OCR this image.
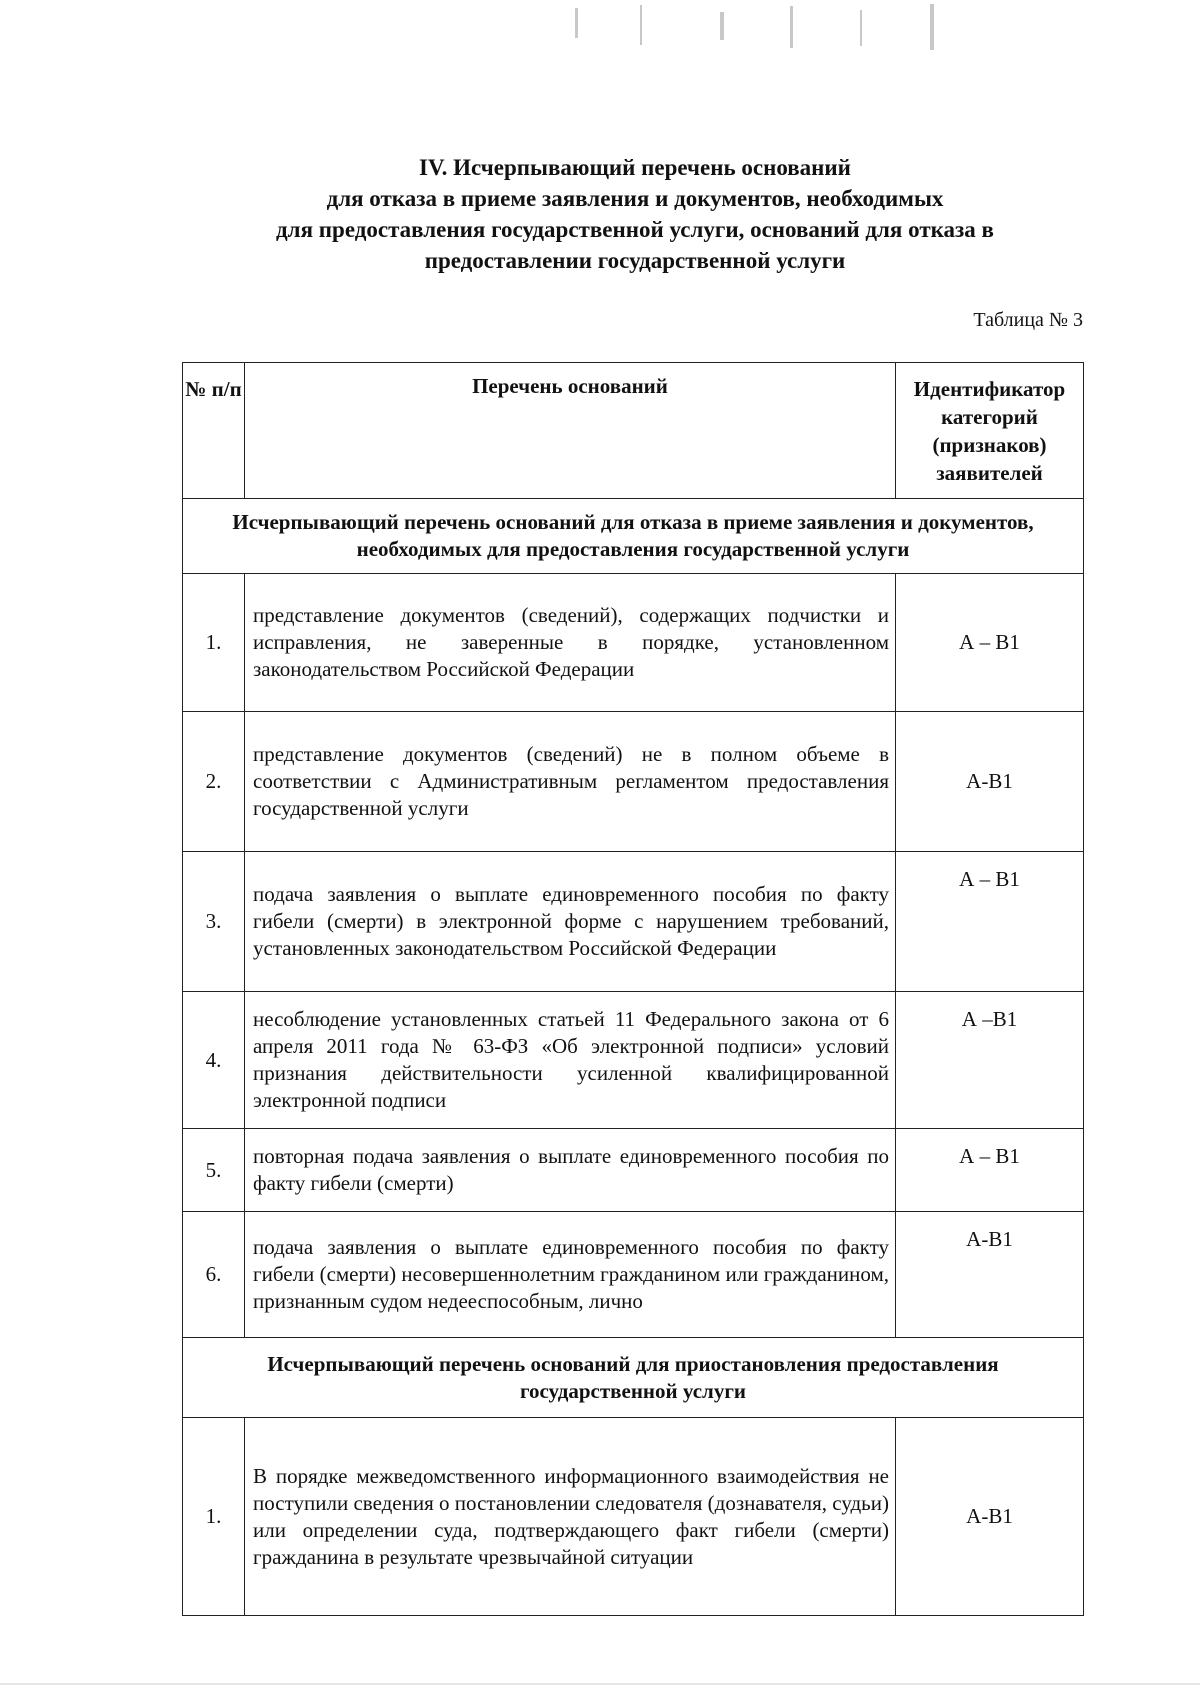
IV. Исчерпывающий перечень оснований
для отказа в приеме заявления и документов, необходимых
для предоставления государственной услуги, оснований для отказа в
предоставлении государственной услуги
Таблица № 3
№ п/п	Перечень оснований	Идентификатор категорий (признаков) заявителей
Исчерпывающий перечень оснований для отказа в приеме заявления и документов, необходимых для предоставления государственной услуги		
1.	представление документов (сведений), содержащих подчистки и исправления, не заверенные в порядке, установленном законодательством Российской Федерации	А – В1
2.	представление документов (сведений) не в полном объеме в соответствии с Административным регламентом предоставления государственной услуги	А-В1
3.	подача заявления о выплате единовременного пособия по факту гибели (смерти) в электронной форме с нарушением требований, установленных законодательством Российской Федерации	А – В1
4.	несоблюдение установленных статьей 11 Федерального закона от 6 апреля 2011 года № 63-ФЗ «Об электронной подписи» условий признания действительности усиленной квалифицированной электронной подписи	А –В1
5.	повторная подача заявления о выплате единовременного пособия по факту гибели (смерти)	А – В1
6.	подача заявления о выплате единовременного пособия по факту гибели (смерти) несовершеннолетним гражданином или гражданином, признанным судом недееспособным, лично	А-В1
Исчерпывающий перечень оснований для приостановления предоставления государственной услуги		
1.	В порядке межведомственного информационного взаимодействия не поступили сведения о постановлении следователя (дознавателя, судьи) или определении суда, подтверждающего факт гибели (смерти) гражданина в результате чрезвычайной ситуации	А-В1
